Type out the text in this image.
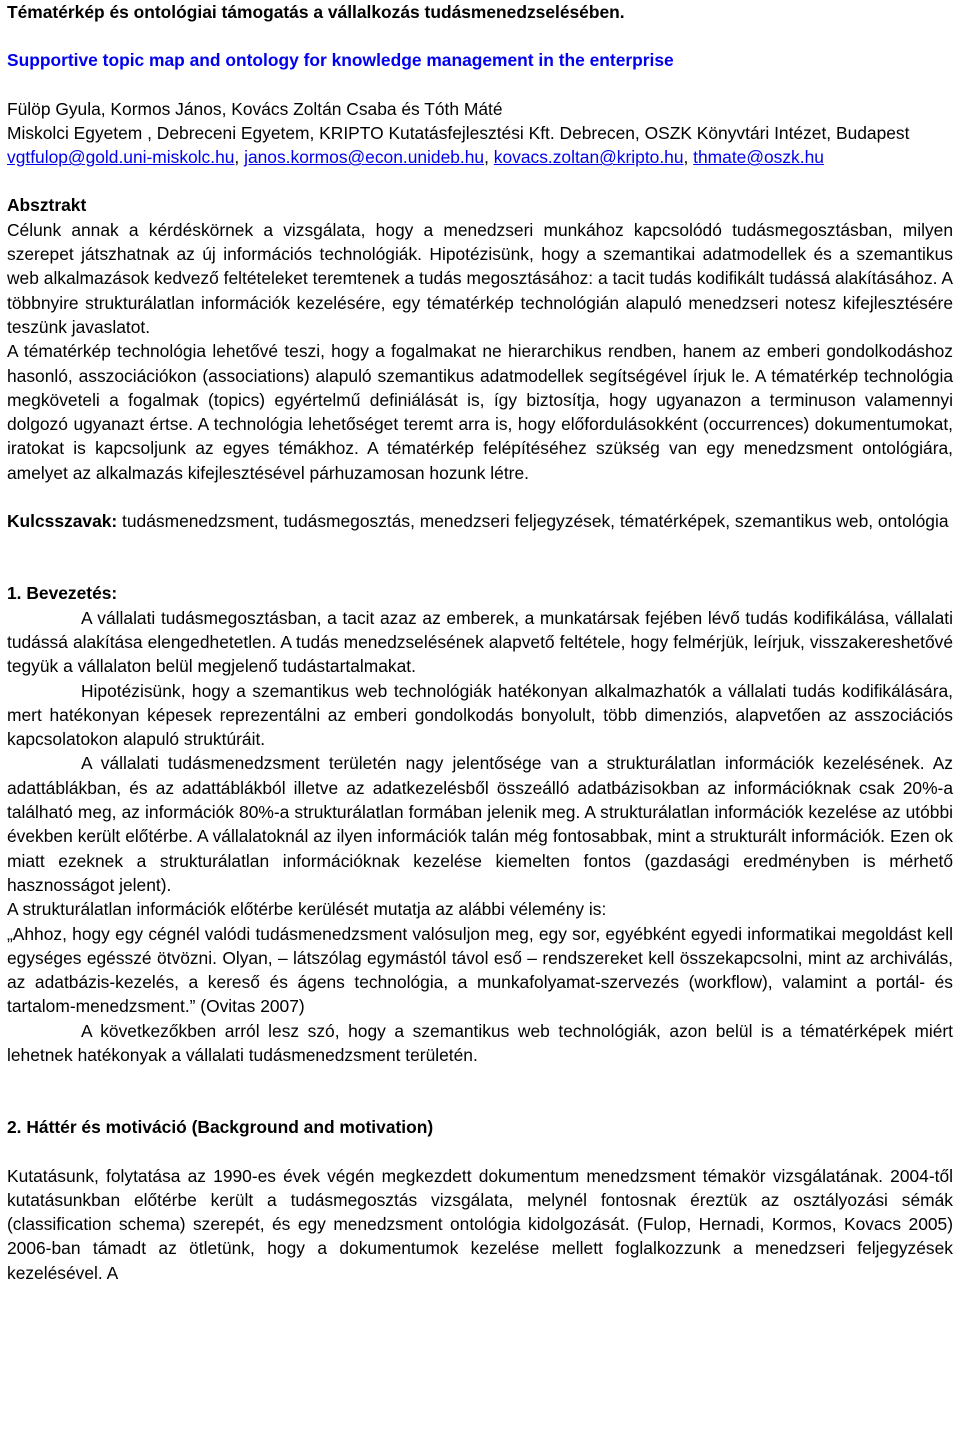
Tématérkép és ontológiai támogatás a vállalkozás tudásmenedzselésében.

Supportive topic map and ontology for knowledge management in the enterprise

Fülöp Gyula, Kormos János, Kovács Zoltán Csaba és Tóth Máté

Miskolci Egyetem , Debreceni Egyetem, KRIPTO Kutatásfejlesztési Kft. Debrecen, OSZK Könyvtári Intézet, Budapest

vgtfulop@gold.uni-miskolc.hu, janos.kormos@econ.unideb.hu, kovacs.zoltan@kripto.hu, thmate@oszk.hu

Absztrakt

Célunk annak a kérdéskörnek a vizsgálata, hogy a menedzseri munkához kapcsolódó tudásmegosztásban, milyen szerepet játszhatnak az új információs technológiák. Hipotézisünk, hogy a szemantikai adatmodellek és a szemantikus web alkalmazások kedvező feltételeket teremtenek a tudás megosztásához: a tacit tudás kodifikált tudássá alakításához. A többnyire strukturálatlan információk kezelésére, egy tématérkép technológián alapuló menedzseri notesz kifejlesztésére teszünk javaslatot.

A tématérkép technológia lehetővé teszi, hogy a fogalmakat ne hierarchikus rendben, hanem az emberi gondolkodáshoz hasonló, asszociációkon (associations) alapuló szemantikus adatmodellek segítségével írjuk le. A tématérkép technológia megköveteli a fogalmak (topics) egyértelmű definiálását is, így biztosítja, hogy ugyanazon a terminuson valamennyi dolgozó ugyanazt értse. A technológia lehetőséget teremt arra is, hogy előfordulásokként (occurrences) dokumentumokat, iratokat is kapcsoljunk az egyes témákhoz. A tématérkép felépítéséhez szükség van egy menedzsment ontológiára, amelyet az alkalmazás kifejlesztésével párhuzamosan hozunk létre.

Kulcsszavak: tudásmenedzsment, tudásmegosztás, menedzseri feljegyzések, tématérképek, szemantikus web, ontológia

1. Bevezetés:

A vállalati tudásmegosztásban, a tacit azaz az emberek, a munkatársak fejében lévő tudás kodifikálása, vállalati tudássá alakítása elengedhetetlen. A tudás menedzselésének alapvető feltétele, hogy felmérjük, leírjuk, visszakereshetővé tegyük a vállalaton belül megjelenő tudástartalmakat.

Hipotézisünk, hogy a szemantikus web technológiák hatékonyan alkalmazhatók a vállalati tudás kodifikálására, mert hatékonyan képesek reprezentálni az emberi gondolkodás bonyolult, több dimenziós, alapvetően az asszociációs kapcsolatokon alapuló struktúráit.

A vállalati tudásmenedzsment területén nagy jelentősége van a strukturálatlan információk kezelésének. Az adattáblákban, és az adattáblákból illetve az adatkezelésből összeálló adatbázisokban az információknak csak 20%-a található meg, az információk 80%-a strukturálatlan formában jelenik meg. A strukturálatlan információk kezelése az utóbbi években került előtérbe. A vállalatoknál az ilyen információk talán még fontosabbak, mint a strukturált információk. Ezen ok miatt ezeknek a strukturálatlan információknak kezelése kiemelten fontos (gazdasági eredményben is mérhető hasznosságot jelent).

A strukturálatlan információk előtérbe kerülését mutatja az alábbi vélemény is:

„Ahhoz, hogy egy cégnél valódi tudásmenedzsment valósuljon meg, egy sor, egyébként egyedi informatikai megoldást kell egységes egésszé ötvözni. Olyan, – látszólag egymástól távol eső – rendszereket kell összekapcsolni, mint az archiválás, az adatbázis-kezelés, a kereső és ágens technológia, a munkafolyamat-szervezés (workflow), valamint a portál- és tartalom-menedzsment.” (Ovitas 2007)

A következőkben arról lesz szó, hogy a szemantikus web technológiák, azon belül is a tématérképek miért lehetnek hatékonyak a vállalati tudásmenedzsment területén.

2. Háttér és motiváció (Background and motivation)

Kutatásunk, folytatása az 1990-es évek végén megkezdett dokumentum menedzsment témakör vizsgálatának. 2004-től kutatásunkban előtérbe került a tudásmegosztás vizsgálata, melynél fontosnak éreztük az osztályozási sémák (classification schema) szerepét, és egy menedzsment ontológia kidolgozását. (Fulop, Hernadi, Kormos, Kovacs 2005) 2006-ban támadt az ötletünk, hogy a dokumentumok kezelése mellett foglalkozzunk a menedzseri feljegyzések kezelésével. A
